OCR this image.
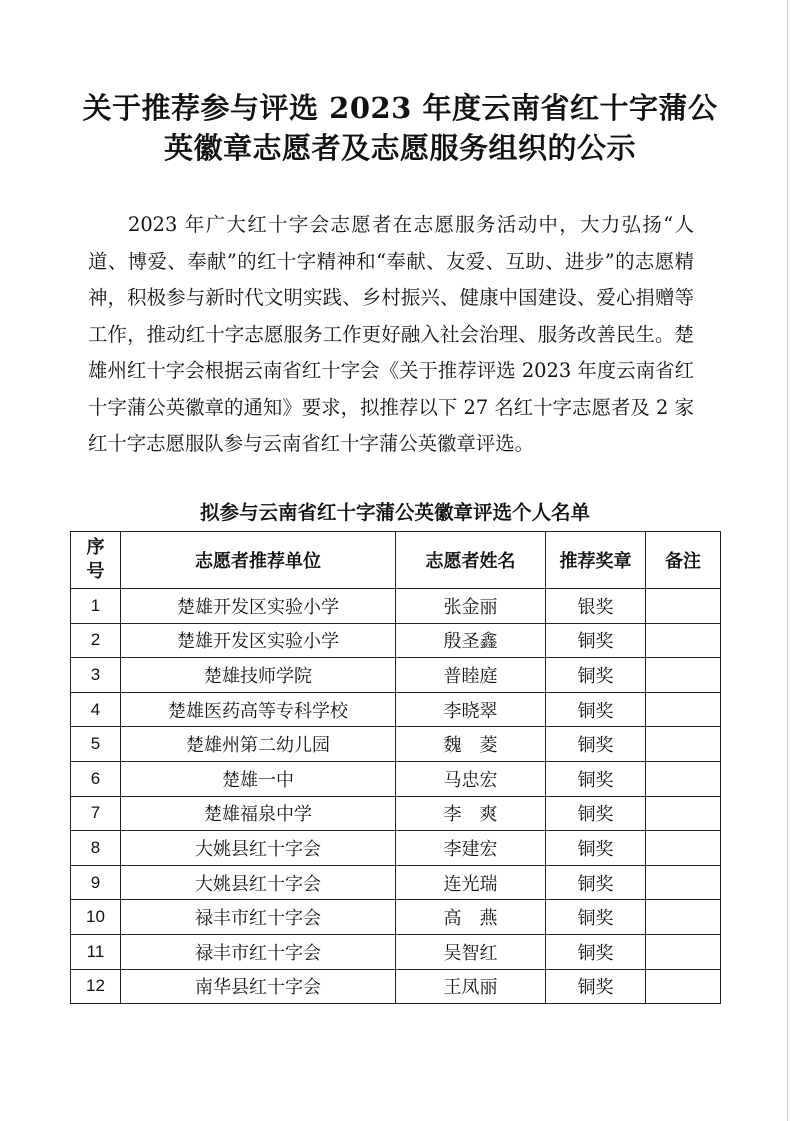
关于推荐参与评选 2023 年度云南省红十字蒲公
英徽章志愿者及志愿服务组织的公示

2023 年广大红十字会志愿者在志愿服务活动中，大力弘扬“人道、博爱、奉献”的红十字精神和“奉献、友爱、互助、进步”的志愿精神，积极参与新时代文明实践、乡村振兴、健康中国建设、爱心捐赠等工作，推动红十字志愿服务工作更好融入社会治理、服务改善民生。楚雄州红十字会根据云南省红十字会《关于推荐评选 2023 年度云南省红十字蒲公英徽章的通知》要求，拟推荐以下 27 名红十字志愿者及 2 家红十字志愿服队参与云南省红十字蒲公英徽章评选。

拟参与云南省红十字蒲公英徽章评选个人名单
序
号	志愿者推荐单位	志愿者姓名	推荐奖章	备注
1	楚雄开发区实验小学	张金丽	银奖	
2	楚雄开发区实验小学	殷圣鑫	铜奖	
3	楚雄技师学院	普睦庭	铜奖	
4	楚雄医药高等专科学校	李晓翠	铜奖	
5	楚雄州第二幼儿园	魏　菱	铜奖	
6	楚雄一中	马忠宏	铜奖	
7	楚雄福泉中学	李　爽	铜奖	
8	大姚县红十字会	李建宏	铜奖	
9	大姚县红十字会	连光瑞	铜奖	
10	禄丰市红十字会	高　燕	铜奖	
11	禄丰市红十字会	吴智红	铜奖	
12	南华县红十字会	王凤丽	铜奖	
